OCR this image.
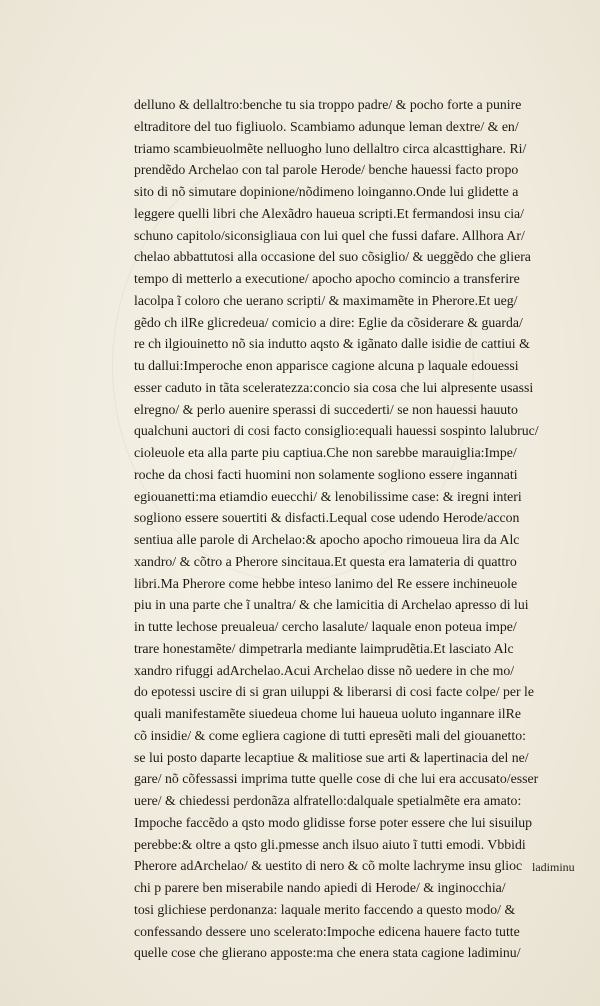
delluno & dellaltro:benche tu sia troppo padre/ & pocho forte a punire
eltraditore del tuo figliuolo. Scambiamo adunque leman dextre/ & en/
triamo scambieuolmẽte nelluogho luno dellaltro circa alcasttighare. Ri/
prendẽdo Archelao con tal parole Herode/ benche hauessi facto propo
sito di nõ simutare dopinione/nõdimeno loinganno.Onde lui glidette a
leggere quelli libri che Alexãdro haueua scripti.Et fermandosi insu cia/
schuno capitolo/siconsigliaua con lui quel che fussi dafare. Allhora Ar/
chelao abbattutosi alla occasione del suo cõsiglio/ & ueggẽdo che gliera
tempo di metterlo a executione/ apocho apocho comincio a transferire
lacolpa ĩ coloro che uerano scripti/ & maximamẽte in Pherore.Et ueg/
gẽdo ch ilRe glicredeua/ comicio a dire: Eglie da cõsiderare & guarda/
re ch ilgiouinetto nõ sia indutto aqsto & igãnato dalle isidie de cattiui &
tu dallui:Imperoche enon apparisce cagione alcuna p laquale edouessi
esser caduto in tãta sceleratezza:concio sia cosa che lui alpresente usassi
elregno/ & perlo auenire sperassi di succederti/ se non hauessi hauuto
qualchuni auctori di cosi facto consiglio:equali hauessi sospinto lalubruc/
cioleuole eta alla parte piu captiua.Che non sarebbe marauiglia:Impe/
roche da chosi facti huomini non solamente sogliono essere ingannati
egiouanetti:ma etiamdio euecchi/ & lenobilissime case: & iregni interi
sogliono essere souertiti & disfacti.Lequal cose udendo Herode/accon
sentiua alle parole di Archelao:& apocho apocho rimoueua lira da Alc
xandro/ & cõtro a Pherore sincitaua.Et questa era lamateria di quattro
libri.Ma Pherore come hebbe inteso lanimo del Re essere inchineuole
piu in una parte che ĩ unaltra/ & che lamicitia di Archelao apresso di lui
in tutte lechose preualeua/ cercho lasalute/ laquale enon poteua impe/
trare honestamẽte/ dimpetrarla mediante laimprudẽtia.Et lasciato Alc
xandro rifuggi adArchelao.Acui Archelao disse nõ uedere in che mo/
do epotessi uscire di si gran uiluppi & liberarsi di cosi facte colpe/ per le
quali manifestamẽte siuedeua chome lui haueua uoluto ingannare ilRe
cõ insidie/ & come egliera cagione di tutti epresẽti mali del giouanetto:
se lui posto daparte lecaptiue & malitiose sue arti & lapertinacia del ne/
gare/ nõ cõfessassi imprima tutte quelle cose di che lui era accusato/esser
uere/ & chiedessi perdonãza alfratello:dalquale spetialmẽte era amato:
Impoche faccẽdo a qsto modo glidisse forse poter essere che lui sisuilup
perebbe:& oltre a qsto gli.pmesse anch ilsuo aiuto ĩ tutti emodi. Vbbidi
Pherore adArchelao/ & uestito di nero & cõ molte lachryme insu glioc
chi p parere ben miserabile nando apiedi di Herode/ & inginocchia/
tosi glichiese perdonanza: laquale merito faccendo a questo modo/ &
confessando dessere uno scelerato:Impoche edicena hauere facto tutte
quelle cose che glierano apposte:ma che enera stata cagione ladiminu/
ladiminu
